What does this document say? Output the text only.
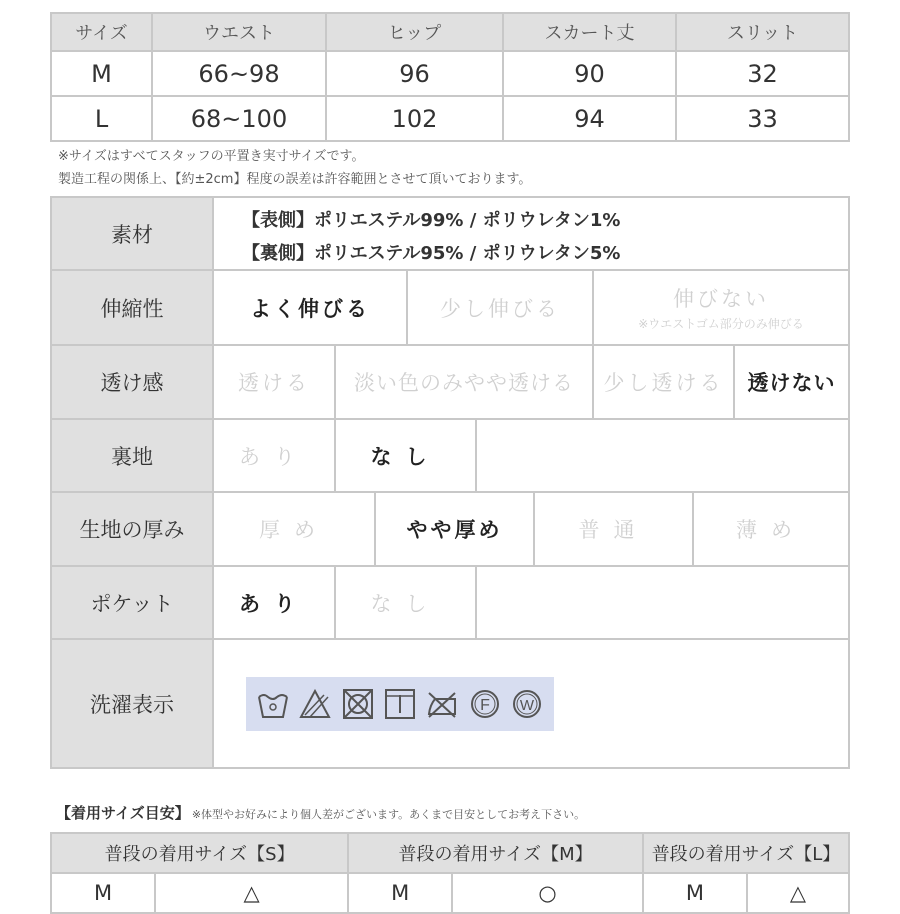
サイズ	ウエスト	ヒップ	スカート丈	スリット
M	66~98	96	90	32
L	68~100	102	94	33
※サイズはすべてスタッフの平置き実寸サイズです。
製造工程の関係上、【約±2cm】程度の誤差は許容範囲とさせて頂いております。
素材
【表側】ポリエステル99% / ポリウレタン1%
【裏側】ポリエステル95% / ポリウレタン5%
伸縮性	よく伸びる	少し伸びる	伸びない
※ウエストゴム部分のみ伸びる
透け感	透ける	淡い色のみやや透ける	少し透ける	透けない
裏地	あり	なし
生地の厚み	厚め	やや厚め	普通	薄め
ポケット	あり	なし
洗濯表示	F W
【着用サイズ目安】 ※体型やお好みにより個人差がございます。あくまで目安としてお考え下さい。
普段の着用サイズ【S】		普段の着用サイズ【M】		普段の着用サイズ【L】	
M	△	M	○	M	△
